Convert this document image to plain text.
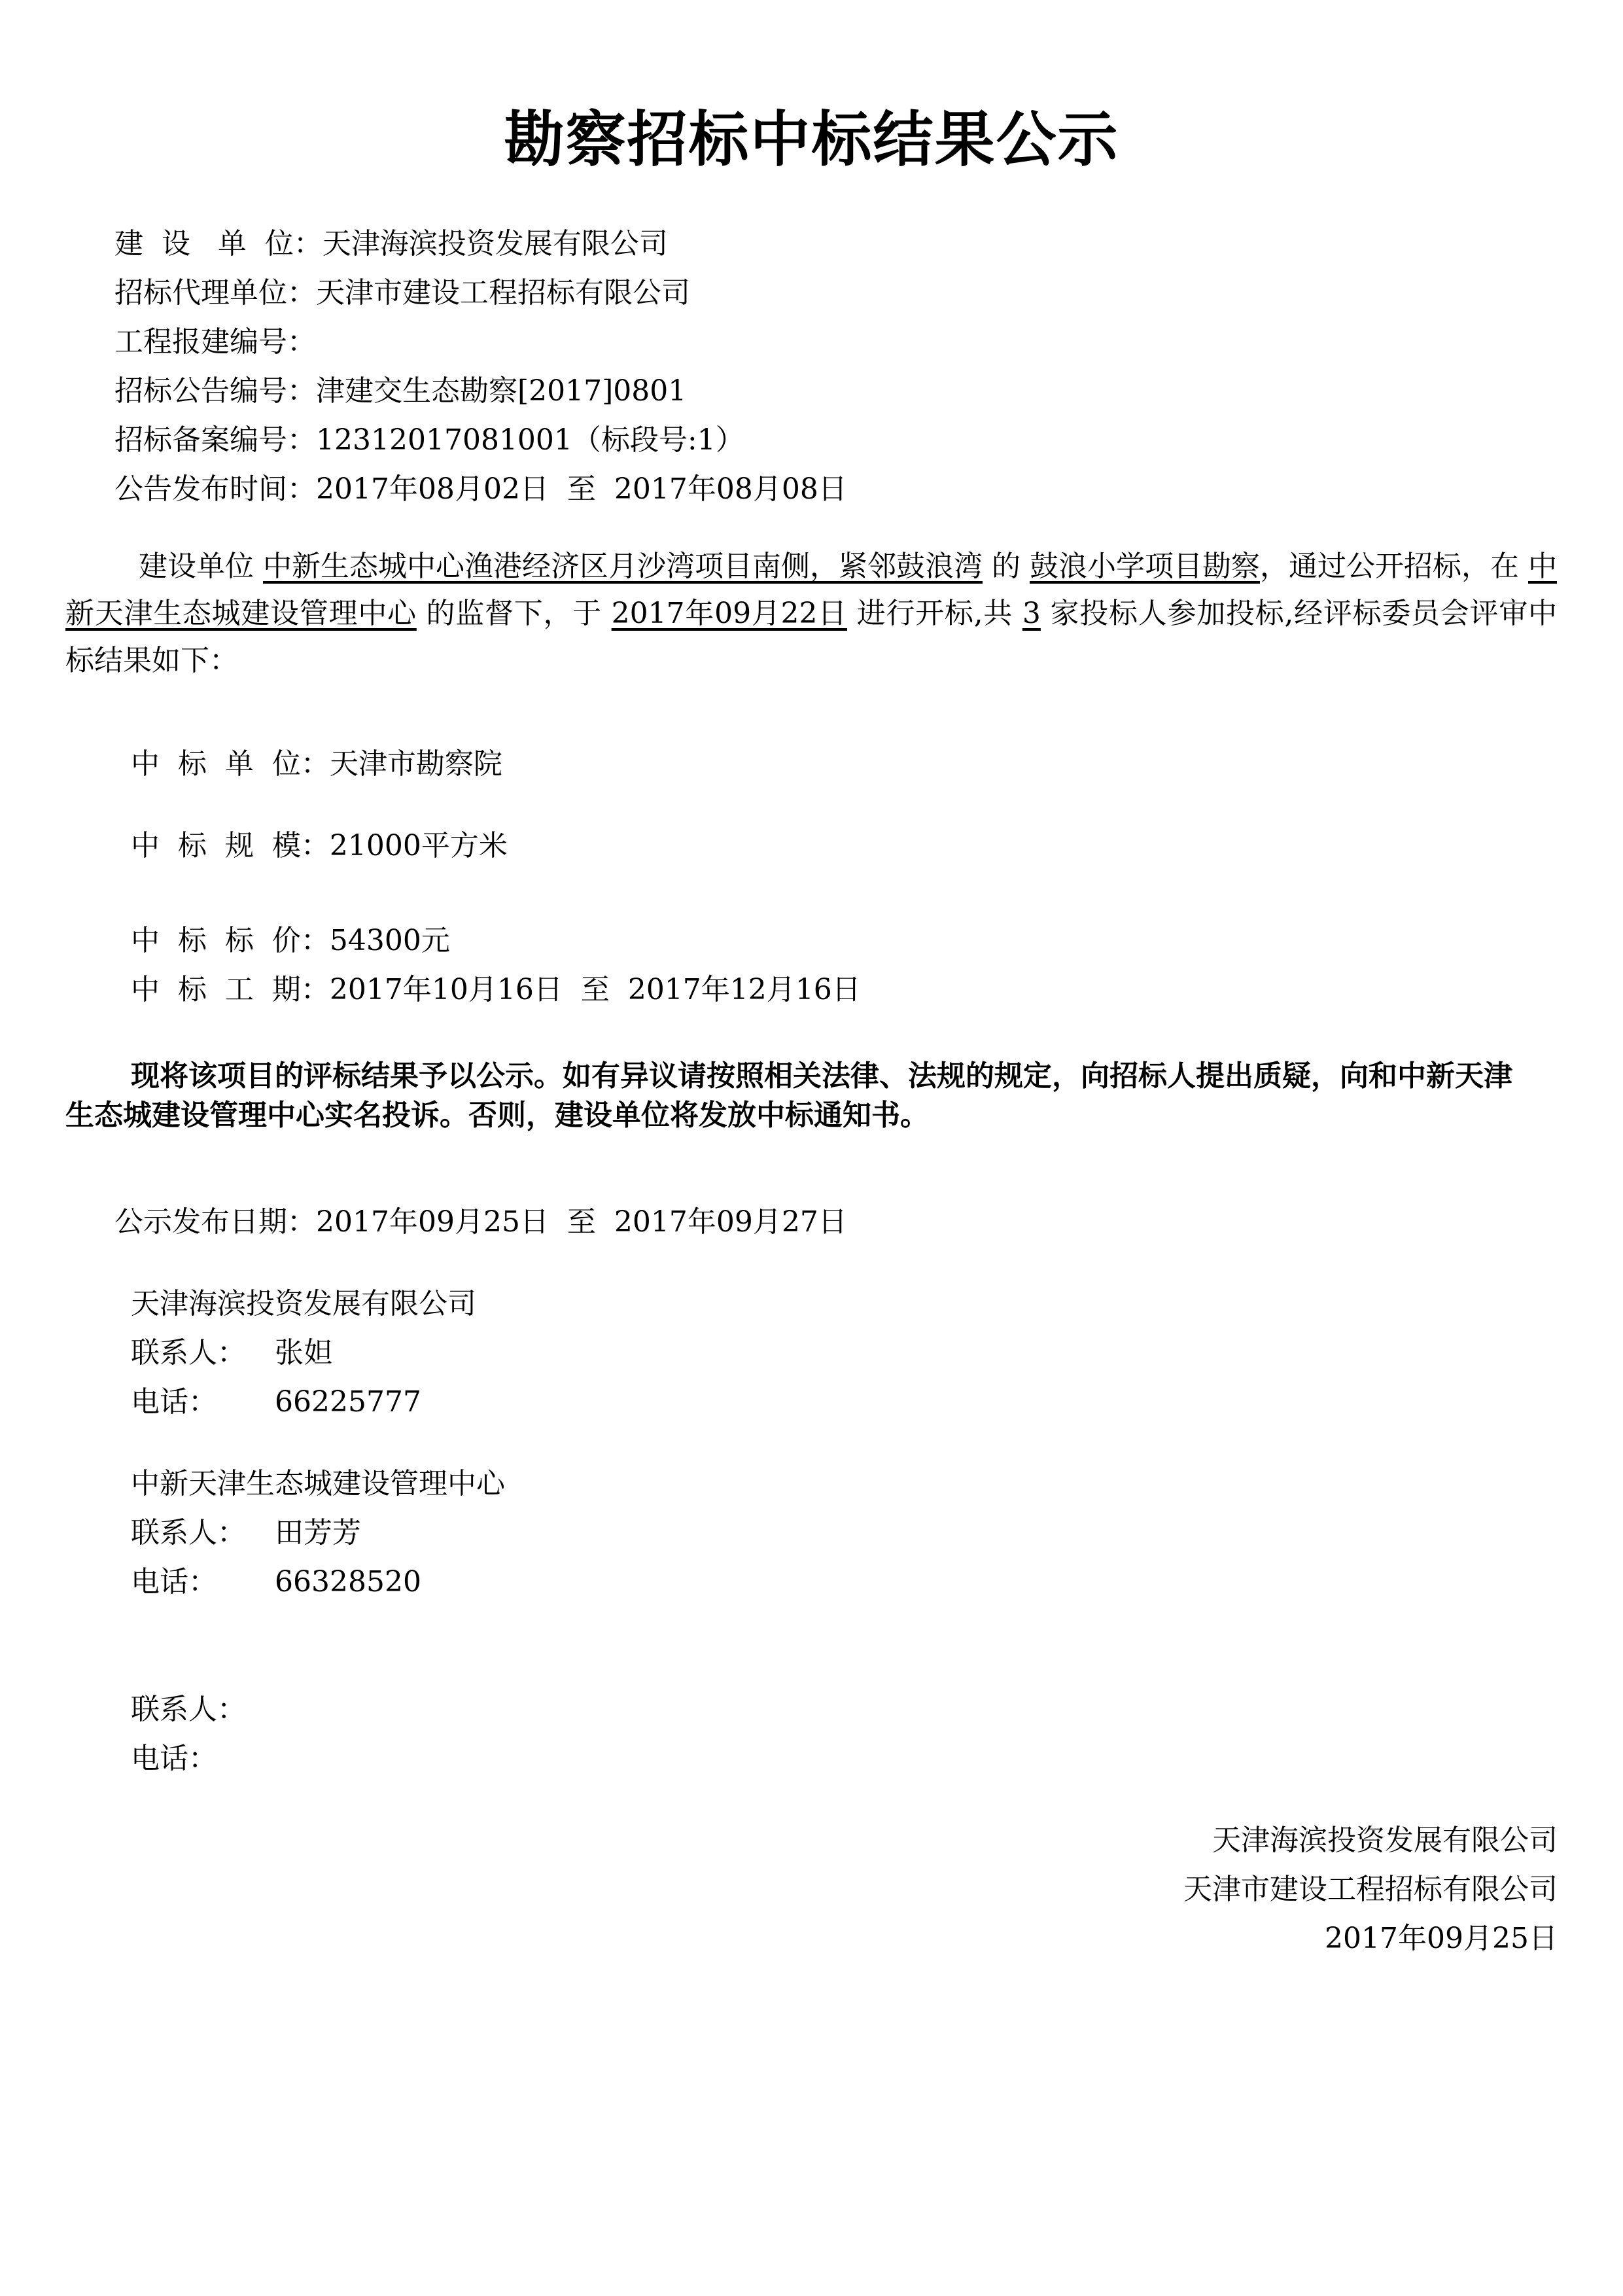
勘察招标中标结果公示
建  设   单  位：天津海滨投资发展有限公司
招标代理单位：天津市建设工程招标有限公司
工程报建编号：
招标公告编号：津建交生态勘察[2017]0801
招标备案编号：12312017081001（标段号:1）
公告发布时间：2017年08月02日  至  2017年08月08日
建设单位 中新生态城中心渔港经济区月沙湾项目南侧，紧邻鼓浪湾 的 鼓浪小学项目勘察，通过公开招标，在 中新天津生态城建设管理中心 的监督下，于 2017年09月22日 进行开标,共 3 家投标人参加投标,经评标委员会评审中标结果如下：
中  标  单  位：天津市勘察院
中  标  规  模：21000平方米
中  标  标  价：54300元
中  标  工  期：2017年10月16日  至  2017年12月16日
现将该项目的评标结果予以公示。如有异议请按照相关法律、法规的规定，向招标人提出质疑，向和中新天津生态城建设管理中心实名投诉。否则，建设单位将发放中标通知书。
公示发布日期：2017年09月25日  至  2017年09月27日
天津海滨投资发展有限公司
联系人： 张妲
电话： 66225777
中新天津生态城建设管理中心
联系人： 田芳芳
电话： 66328520
联系人：
电话：
天津海滨投资发展有限公司
天津市建设工程招标有限公司
2017年09月25日
